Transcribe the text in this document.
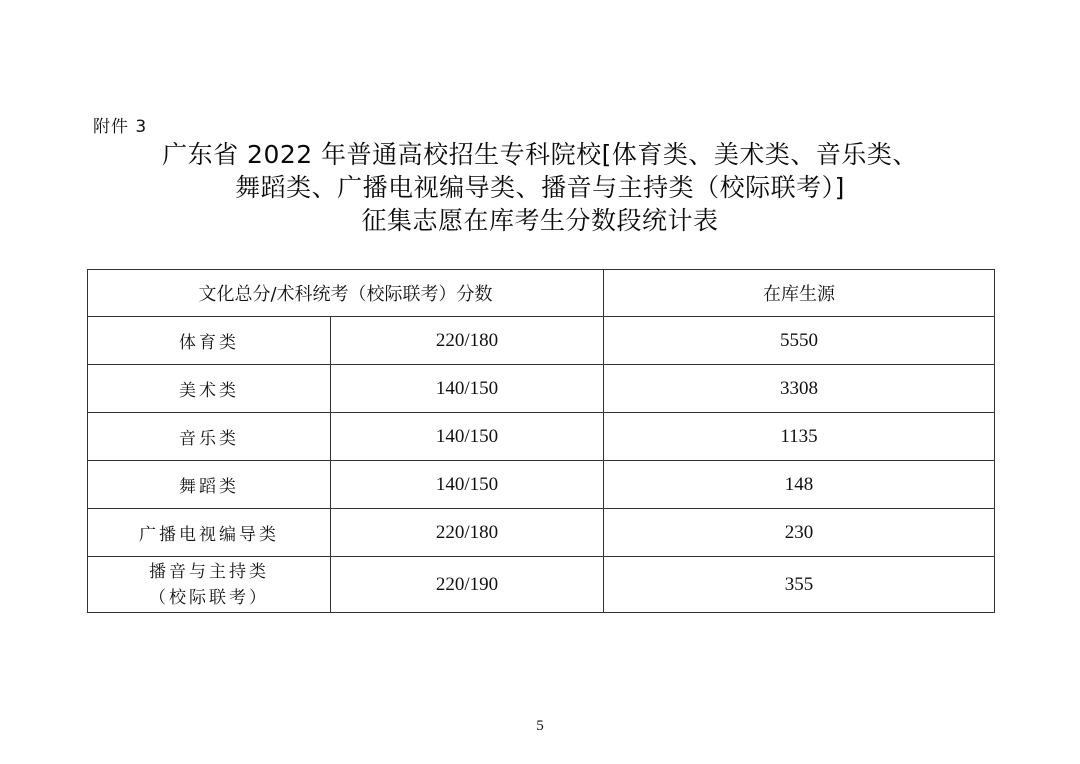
附件 3
广东省 2022 年普通高校招生专科院校[体育类、美术类、音乐类、
舞蹈类、广播电视编导类、播音与主持类（校际联考）]
征集志愿在库考生分数段统计表
文化总分/术科统考（校际联考）分数		在库生源
体育类	220/180	5550
美术类	140/150	3308
音乐类	140/150	1135
舞蹈类	140/150	148
广播电视编导类	220/180	230

播音与主持类
（校际联考）	220/190	355
5
